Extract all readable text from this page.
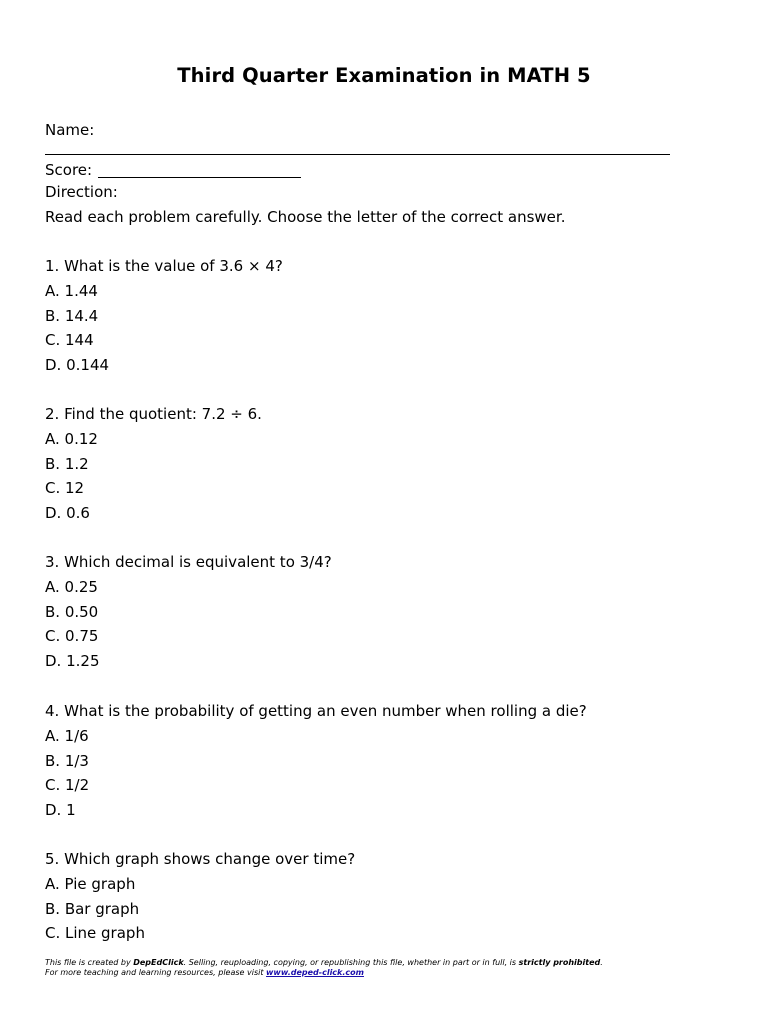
Third Quarter Examination in MATH 5
Name:
Score:
Direction:
Read each problem carefully. Choose the letter of the correct answer.
1. What is the value of 3.6 × 4?
A. 1.44
B. 14.4
C. 144
D. 0.144
2. Find the quotient: 7.2 ÷ 6.
A. 0.12
B. 1.2
C. 12
D. 0.6
3. Which decimal is equivalent to 3/4?
A. 0.25
B. 0.50
C. 0.75
D. 1.25
4. What is the probability of getting an even number when rolling a die?
A. 1/6
B. 1/3
C. 1/2
D. 1
5. Which graph shows change over time?
A. Pie graph
B. Bar graph
C. Line graph
This file is created by DepEdClick. Selling, reuploading, copying, or republishing this file, whether in part or in full, is strictly prohibited.
For more teaching and learning resources, please visit www.deped-click.com
